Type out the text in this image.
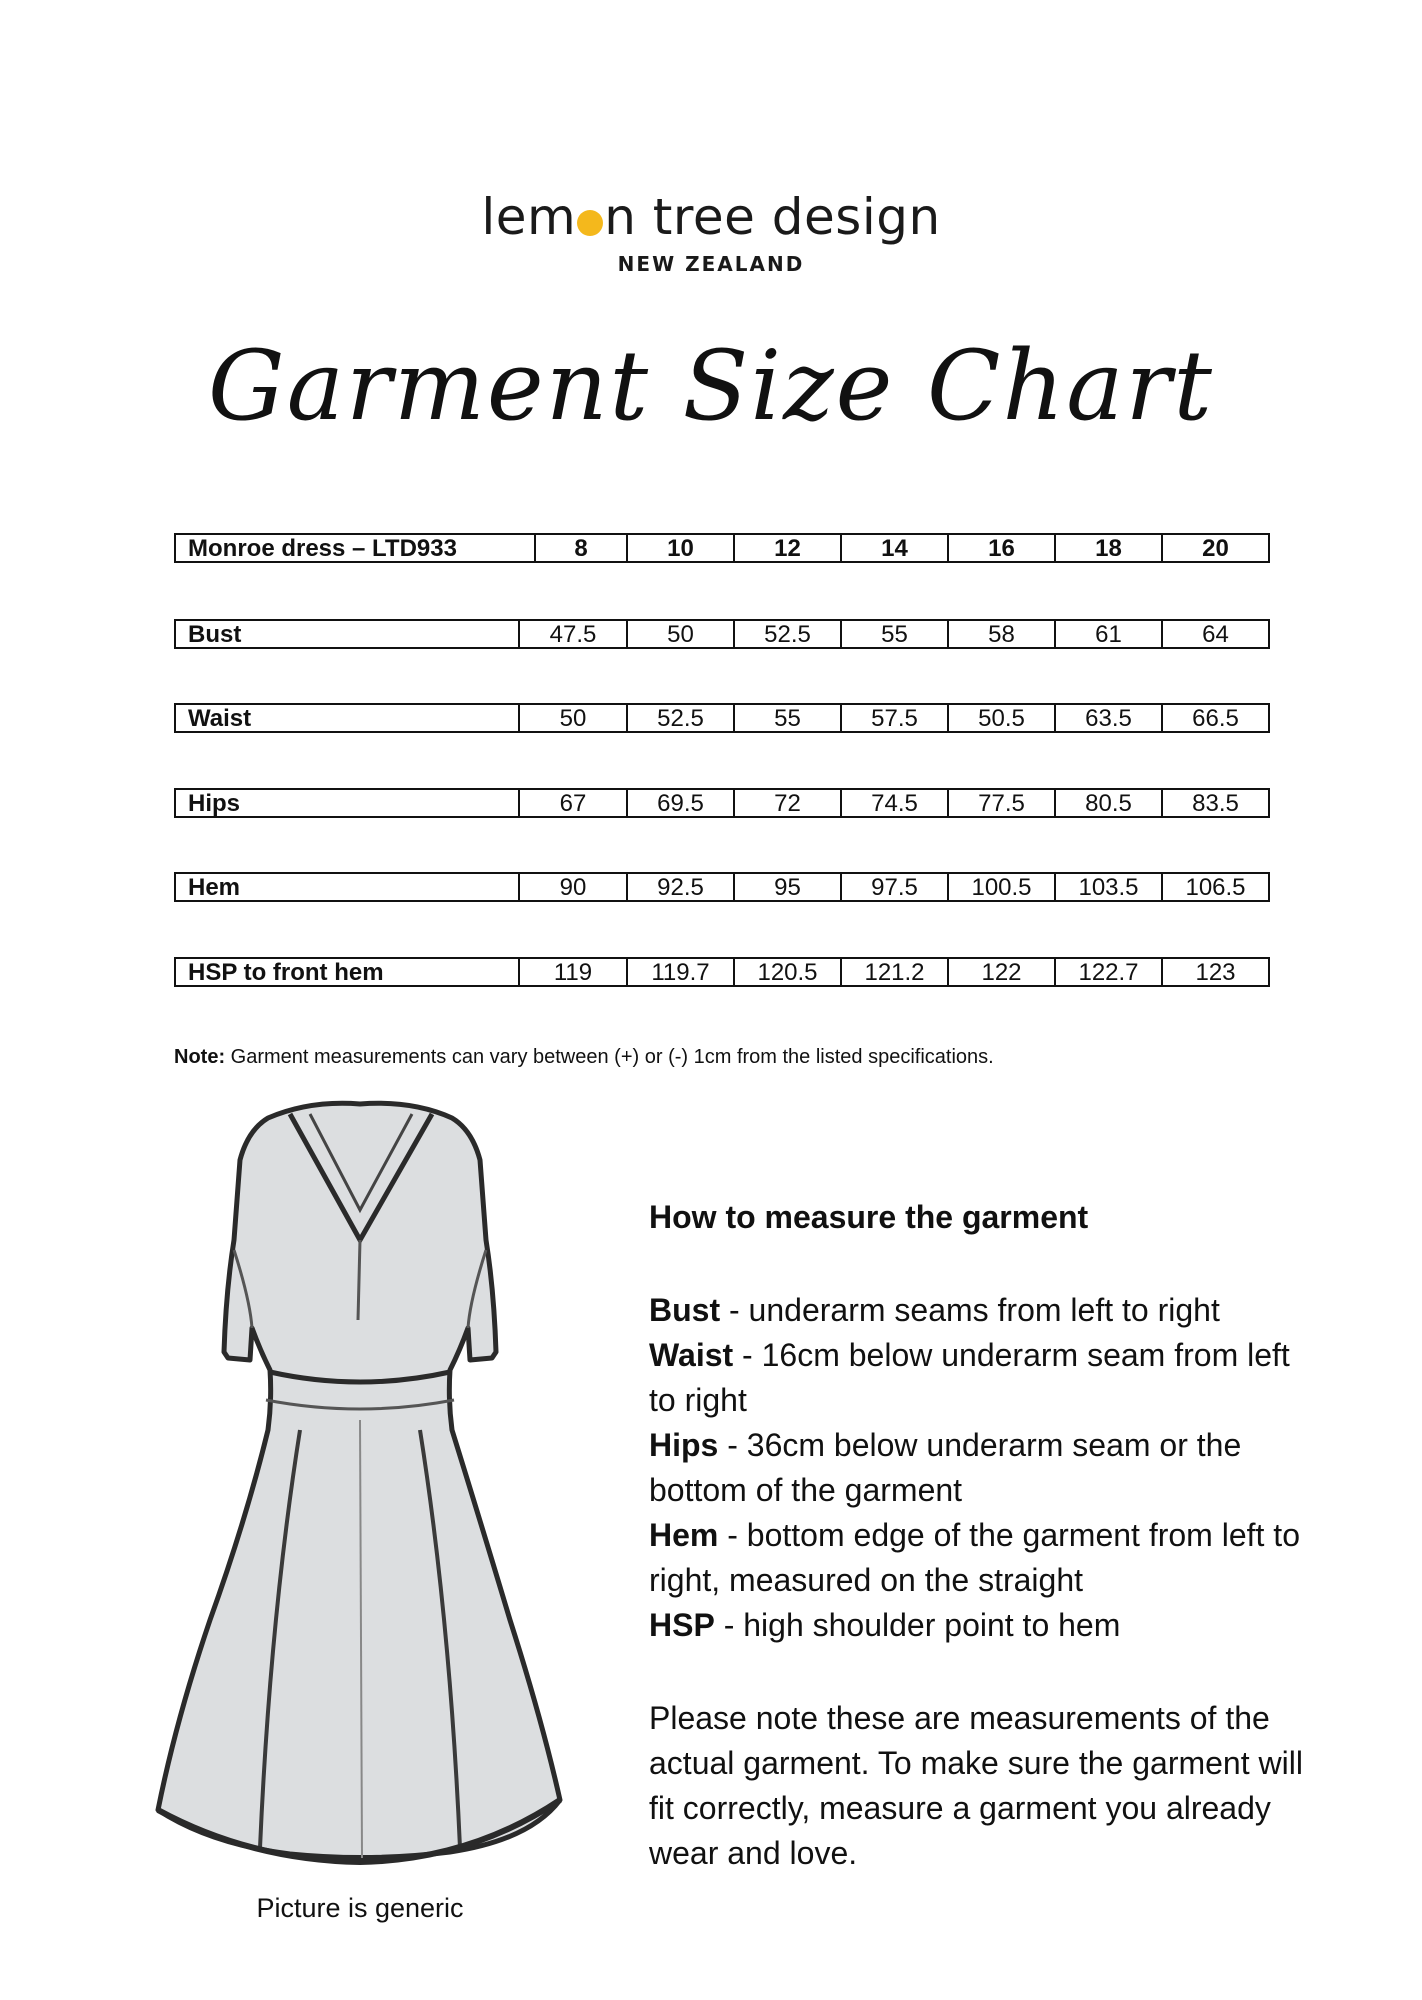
lem n tree design
NEW ZEALAND
Garment Size Chart
Monroe dress – LTD933	8	10	12	14	16	18	20
Bust	47.5	50	52.5	55	58	61	64
Waist	50	52.5	55	57.5	50.5	63.5	66.5
Hips	67	69.5	72	74.5	77.5	80.5	83.5
Hem	90	92.5	95	97.5	100.5	103.5	106.5
HSP to front hem	119	119.7	120.5	121.2	122	122.7	123
Note: Garment measurements can vary between (+) or (-) 1cm from the listed specifications.
Picture is generic
How to measure the garment

Bust - underarm seams from left to right

Waist - 16cm below underarm seam from left to right

Hips - 36cm below underarm seam or the bottom of the garment

Hem - bottom edge of the garment from left to right, measured on the straight

HSP - high shoulder point to hem

Please note these are measurements of the actual garment. To make sure the garment will fit correctly, measure a garment you already wear and love.
